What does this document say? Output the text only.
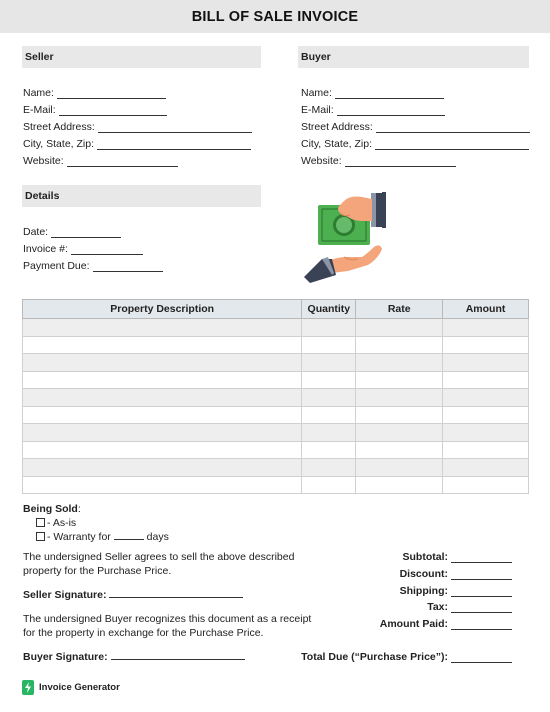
BILL OF SALE INVOICE
Seller
Name:
E-Mail:
Street Address:
City, State, Zip:
Website:
Buyer
Name:
E-Mail:
Street Address:
City, State, Zip:
Website:
Details
Date:
Invoice #:
Payment Due:
Property Description	Quantity	Rate	Amount

Being Sold:
- As-is
- Warranty for	days
The undersigned Seller agrees to sell the above described
property for the Purchase Price.
Seller Signature:
The undersigned Buyer recognizes this document as a receipt
for the property in exchange for the Purchase Price.
Buyer Signature:
Subtotal:
Discount:
Shipping:
Tax:
Amount Paid:
Total Due (“Purchase Price”):
Invoice Generator
